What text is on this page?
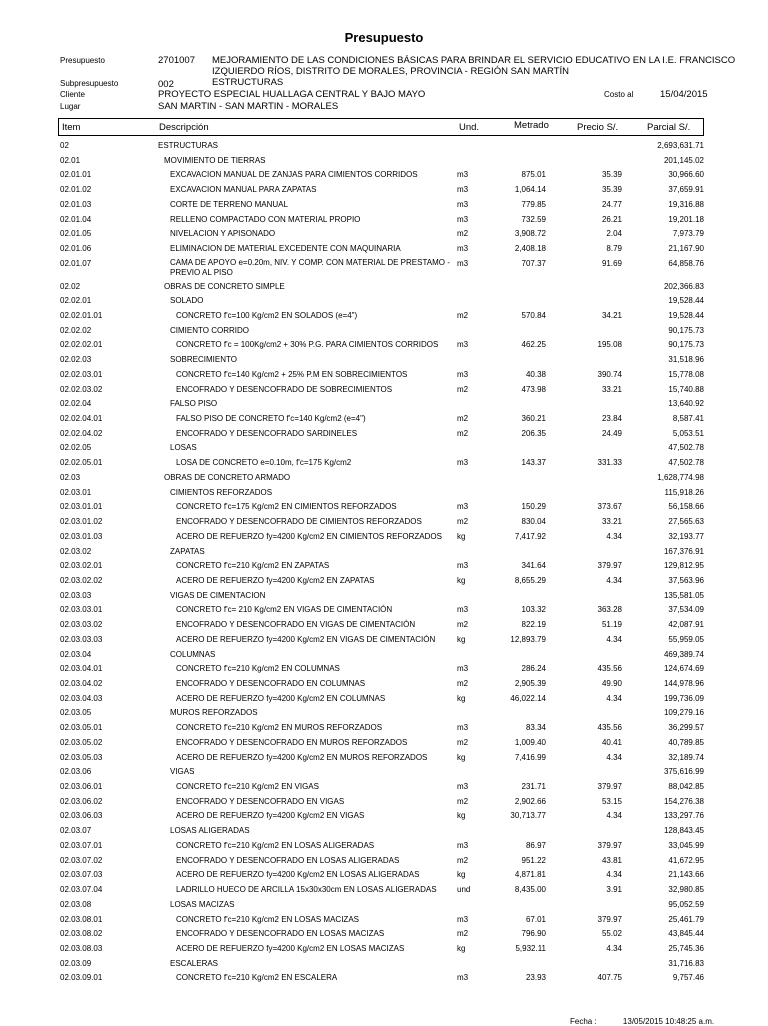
Presupuesto
Presupuesto	2701007 MEJORAMIENTO DE LAS CONDICIONES BÁSICAS PARA BRINDAR EL SERVICIO EDUCATIVO EN LA I.E. FRANCISCO
IZQUIERDO RÍOS, DISTRITO DE MORALES, PROVINCIA - REGIÓN SAN MARTÍN
Subpresupuesto	002	ESTRUCTURAS
Cliente	PROYECTO ESPECIAL HUALLAGA CENTRAL Y BAJO MAYO	Costo al	15/04/2015
Lugar	SAN MARTIN - SAN MARTIN - MORALES
Item	Descripción	Und.	Metrado	Precio S/.	Parcial S/.
02	ESTRUCTURAS	2,693,631.71
02.01	MOVIMIENTO DE TIERRAS	201,145.02
02.01.01	EXCAVACION MANUAL DE ZANJAS PARA CIMIENTOS CORRIDOS	m3	875.01	35.39	30,966.60
02.01.02	EXCAVACION MANUAL PARA ZAPATAS	m3	1,064.14	35.39	37,659.91
02.01.03	CORTE DE TERRENO MANUAL	m3	779.85	24.77	19,316.88
02.01.04	RELLENO COMPACTADO CON MATERIAL PROPIO	m3	732.59	26.21	19,201.18
02.01.05	NIVELACION Y APISONADO	m2	3,908.72	2.04	7,973.79
02.01.06	ELIMINACION DE MATERIAL EXCEDENTE CON MAQUINARIA	m3	2,408.18	8.79	21,167.90
02.01.07	CAMA DE APOYO e=0.20m, NIV. Y COMP. CON MATERIAL DE PRESTAMO - PREVIO AL PISO
m3	707.37	91.69	64,858.76
02.02	OBRAS DE CONCRETO SIMPLE	202,366.83
02.02.01	SOLADO	19,528.44
02.02.01.01	CONCRETO f'c=100 Kg/cm2 EN SOLADOS (e=4")	m2	570.84	34.21	19,528.44
02.02.02	CIMIENTO CORRIDO	90,175.73
02.02.02.01	CONCRETO f'c = 100Kg/cm2 + 30% P.G. PARA CIMIENTOS CORRIDOS m3	462.25	195.08	90,175.73
02.02.03	SOBRECIMIENTO	31,518.96
02.02.03.01	CONCRETO f'c=140 Kg/cm2 + 25% P.M EN SOBRECIMIENTOS	m3	40.38	390.74	15,778.08
02.02.03.02	ENCOFRADO Y DESENCOFRADO DE SOBRECIMIENTOS	m2	473.98	33.21	15,740.88
02.02.04	FALSO PISO	13,640.92
02.02.04.01	FALSO PISO DE CONCRETO f'c=140 Kg/cm2 (e=4")	m2	360.21	23.84	8,587.41
02.02.04.02	ENCOFRADO Y DESENCOFRADO SARDINELES	m2	206.35	24.49	5,053.51
02.02.05	LOSAS	47,502.78
02.02.05.01	LOSA DE CONCRETO e=0.10m, f'c=175 Kg/cm2	m3	143.37	331.33	47,502.78
02.03	OBRAS DE CONCRETO ARMADO	1,628,774.98
02.03.01	CIMIENTOS REFORZADOS	115,918.26
02.03.01.01	CONCRETO f'c=175 Kg/cm2 EN CIMIENTOS REFORZADOS	m3	150.29	373.67	56,158.66
02.03.01.02	ENCOFRADO Y DESENCOFRADO DE CIMIENTOS REFORZADOS	m2	830.04	33.21	27,565.63
02.03.01.03	ACERO DE REFUERZO fy=4200 Kg/cm2 EN CIMIENTOS REFORZADOS kg	7,417.92	4.34	32,193.77
02.03.02	ZAPATAS	167,376.91
02.03.02.01	CONCRETO f'c=210 Kg/cm2 EN ZAPATAS	m3	341.64	379.97	129,812.95
02.03.02.02	ACERO DE REFUERZO fy=4200 Kg/cm2 EN ZAPATAS	kg	8,655.29	4.34	37,563.96
02.03.03	VIGAS DE CIMENTACION	135,581.05
02.03.03.01	CONCRETO f'c= 210 Kg/cm2 EN VIGAS DE CIMENTACIÓN	m3	103.32	363.28	37,534.09
02.03.03.02	ENCOFRADO Y DESENCOFRADO EN VIGAS DE CIMENTACIÓN	m2	822.19	51.19	42,087.91
02.03.03.03	ACERO DE REFUERZO fy=4200 Kg/cm2 EN VIGAS DE CIMENTACIÓN	kg	12,893.79	4.34	55,959.05
02.03.04	COLUMNAS	469,389.74
02.03.04.01	CONCRETO f'c=210 Kg/cm2 EN COLUMNAS	m3	286.24	435.56	124,674.69
02.03.04.02	ENCOFRADO Y DESENCOFRADO EN COLUMNAS	m2	2,905.39	49.90	144,978.96
02.03.04.03	ACERO DE REFUERZO fy=4200 Kg/cm2 EN COLUMNAS	kg	46,022.14	4.34	199,736.09
02.03.05	MUROS REFORZADOS	109,279.16
02.03.05.01	CONCRETO f'c=210 Kg/cm2 EN MUROS REFORZADOS	m3	83.34	435.56	36,299.57
02.03.05.02	ENCOFRADO Y DESENCOFRADO EN MUROS REFORZADOS	m2	1,009.40	40.41	40,789.85
02.03.05.03	ACERO DE REFUERZO fy=4200 Kg/cm2 EN MUROS REFORZADOS	kg	7,416.99	4.34	32,189.74
02.03.06	VIGAS	375,616.99
02.03.06.01	CONCRETO f'c=210 Kg/cm2 EN VIGAS	m3	231.71	379.97	88,042.85
02.03.06.02	ENCOFRADO Y DESENCOFRADO EN VIGAS	m2	2,902.66	53.15	154,276.38
02.03.06.03	ACERO DE REFUERZO fy=4200 Kg/cm2 EN VIGAS	kg	30,713.77	4.34	133,297.76
02.03.07	LOSAS ALIGERADAS	128,843.45
02.03.07.01	CONCRETO f'c=210 Kg/cm2 EN LOSAS ALIGERADAS	m3	86.97	379.97	33,045.99
02.03.07.02	ENCOFRADO Y DESENCOFRADO EN LOSAS ALIGERADAS	m2	951.22	43.81	41,672.95
02.03.07.03	ACERO DE REFUERZO fy=4200 Kg/cm2 EN LOSAS ALIGERADAS	kg	4,871.81	4.34	21,143.66
02.03.07.04	LADRILLO HUECO DE ARCILLA 15x30x30cm EN LOSAS ALIGERADAS	und	8,435.00	3.91	32,980.85
02.03.08	LOSAS MACIZAS	95,052.59
02.03.08.01	CONCRETO f'c=210 Kg/cm2 EN LOSAS MACIZAS	m3	67.01	379.97	25,461.79
02.03.08.02	ENCOFRADO Y DESENCOFRADO EN LOSAS MACIZAS	m2	796.90	55.02	43,845.44
02.03.08.03	ACERO DE REFUERZO fy=4200 Kg/cm2 EN LOSAS MACIZAS	kg	5,932.11	4.34	25,745.36
02.03.09	ESCALERAS	31,716.83
02.03.09.01	CONCRETO f'c=210 Kg/cm2 EN ESCALERA	m3	23.93	407.75	9,757.46
Fecha :	13/05/2015 10:48:25 a.m.
